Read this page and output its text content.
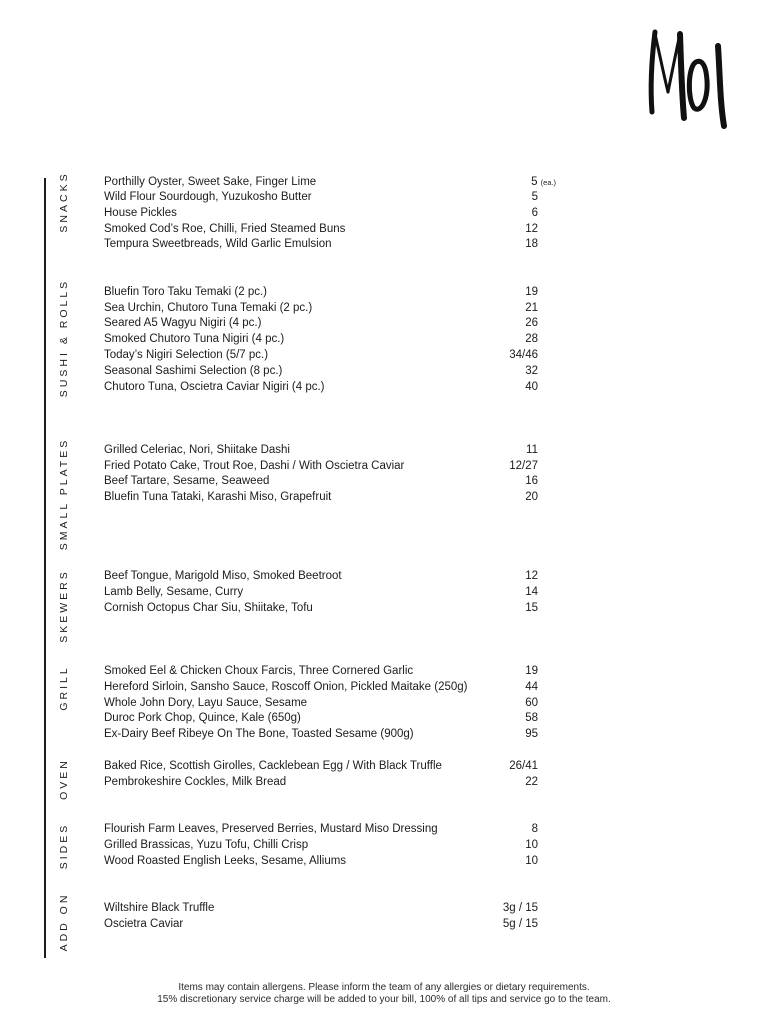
SNACKS	Porthilly Oyster, Sweet Sake, Finger Lime	5 (ea.)
Wild Flour Sourdough, Yuzukosho Butter	5
House Pickles	6
Smoked Cod’s Roe, Chilli, Fried Steamed Buns	12
Tempura Sweetbreads, Wild Garlic Emulsion	18
SUSHI & ROLLS	Bluefin Toro Taku Temaki (2 pc.)	19
Sea Urchin, Chutoro Tuna Temaki (2 pc.)	21
Seared A5 Wagyu Nigiri (4 pc.)	26
Smoked Chutoro Tuna Nigiri (4 pc.)	28
Today’s Nigiri Selection (5/7 pc.)	34/46
Seasonal Sashimi Selection (8 pc.)	32
Chutoro Tuna, Oscietra Caviar Nigiri (4 pc.)	40
SMALL PLATES	Grilled Celeriac, Nori, Shiitake Dashi	11
Fried Potato Cake, Trout Roe, Dashi / With Oscietra Caviar	12/27
Beef Tartare, Sesame, Seaweed	16
Bluefin Tuna Tataki, Karashi Miso, Grapefruit	20
SKEWERS	Beef Tongue, Marigold Miso, Smoked Beetroot	12
Lamb Belly, Sesame, Curry	14
Cornish Octopus Char Siu, Shiitake, Tofu	15
GRILL	Smoked Eel & Chicken Choux Farcis, Three Cornered Garlic	19
Hereford Sirloin, Sansho Sauce, Roscoff Onion, Pickled Maitake (250g)	44
Whole John Dory, Layu Sauce, Sesame	60
Duroc Pork Chop, Quince, Kale (650g)	58
Ex-Dairy Beef Ribeye On The Bone, Toasted Sesame (900g)	95
OVEN	Baked Rice, Scottish Girolles, Cacklebean Egg / With Black Truffle	26/41
Pembrokeshire Cockles, Milk Bread	22
SIDES	Flourish Farm Leaves, Preserved Berries, Mustard Miso Dressing	8
Grilled Brassicas, Yuzu Tofu, Chilli Crisp	10
Wood Roasted English Leeks, Sesame, Alliums	10
ADD ON	Wiltshire Black Truffle	3g / 15
Oscietra Caviar	5g / 15
Items may contain allergens. Please inform the team of any allergies or dietary requirements.
15% discretionary service charge will be added to your bill, 100% of all tips and service go to the team.
